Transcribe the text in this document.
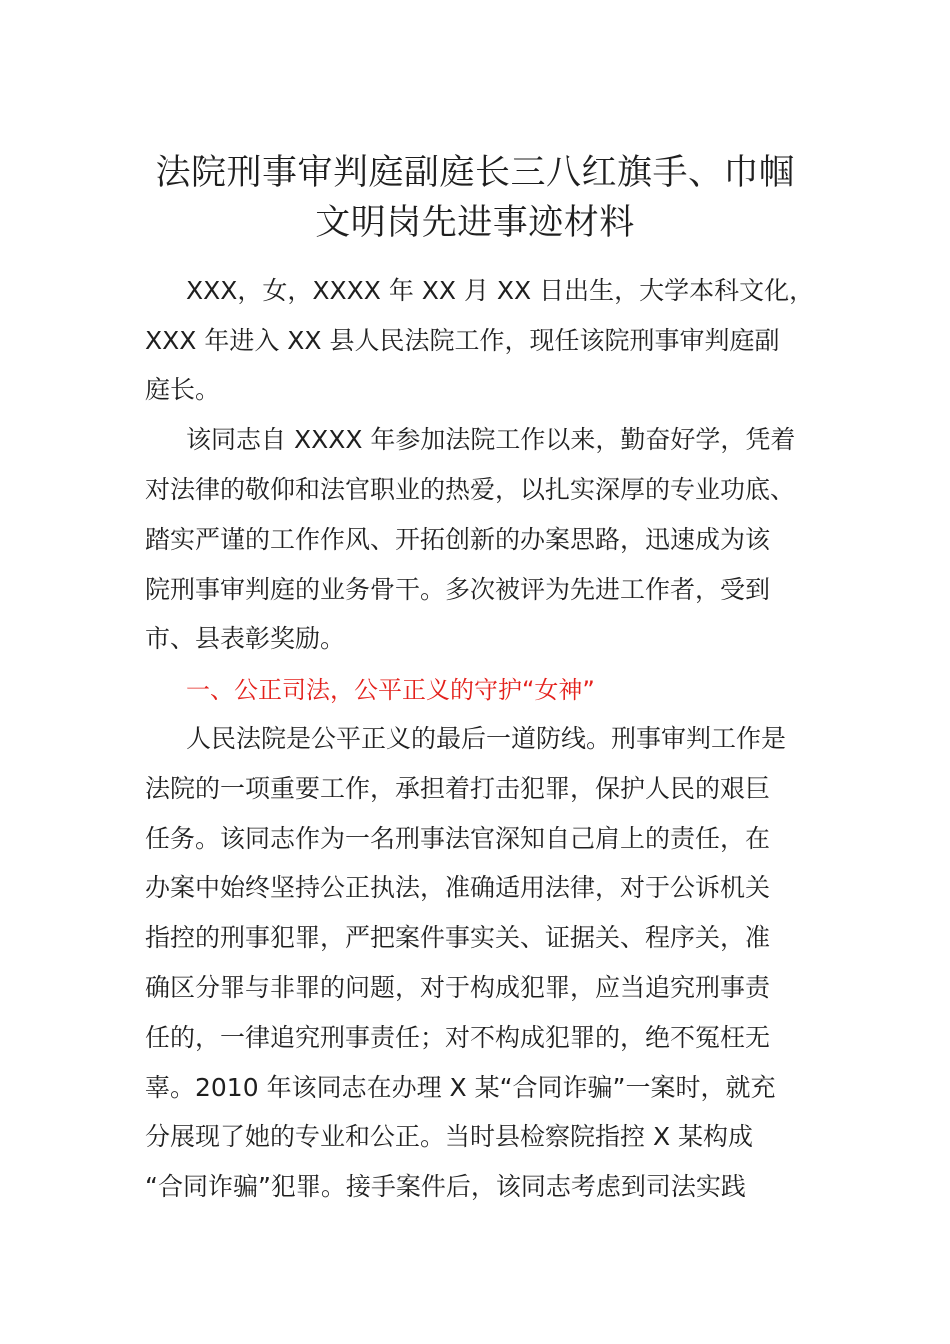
法院刑事审判庭副庭长三八红旗手、巾帼
文明岗先进事迹材料
XXX，女，XXXX 年 XX 月 XX 日出生，大学本科文化，
XXX 年进入 XX 县人民法院工作，现任该院刑事审判庭副
庭长。
该同志自 XXXX 年参加法院工作以来，勤奋好学，凭着
对法律的敬仰和法官职业的热爱，以扎实深厚的专业功底、
踏实严谨的工作作风、开拓创新的办案思路，迅速成为该
院刑事审判庭的业务骨干。多次被评为先进工作者，受到
市、县表彰奖励。
一、公正司法，公平正义的守护“女神”
人民法院是公平正义的最后一道防线。刑事审判工作是
法院的一项重要工作，承担着打击犯罪，保护人民的艰巨
任务。该同志作为一名刑事法官深知自己肩上的责任，在
办案中始终坚持公正执法，准确适用法律，对于公诉机关
指控的刑事犯罪，严把案件事实关、证据关、程序关，准
确区分罪与非罪的问题，对于构成犯罪，应当追究刑事责
任的，一律追究刑事责任；对不构成犯罪的，绝不冤枉无
辜。2010 年该同志在办理 X 某“合同诈骗”一案时，就充
分展现了她的专业和公正。当时县检察院指控 X 某构成
“合同诈骗”犯罪。接手案件后，该同志考虑到司法实践
